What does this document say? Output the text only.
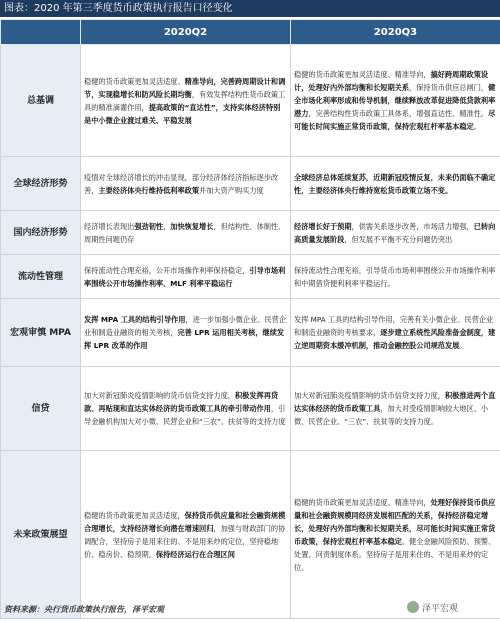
图表：2020 年第三季度货币政策执行报告口径变化
	2020Q2	2020Q3
总基调	稳健的货币政策更加灵活适度、精准导向，完善跨周期设计和调节，实现稳增长和防风险长期均衡，有效发挥结构性货币政策工具的精准滴灌作用，提高政策的“直达性”，支持实体经济特别是中小微企业渡过难关、平稳发展	稳健的货币政策更加灵活适度、精准导向，搞好跨周期政策设计，处理好内外部均衡和长短期关系，保持货币供应总闸门，健全市场化利率形成和传导机制，继续释放改革促进降低贷款利率潜力，完善结构性货币政策工具体系，增强直达性、精准性。尽可能长时间实施正常货币政策，保持宏观杠杆率基本稳定。
全球经济形势	疫情对全球经济增长的冲击显现，部分经济体经济指标逐步改善，主要经济体央行维持低利率政策并加大资产购买力度	全球经济总体延续复苏，近期新冠疫情反复，未来仍面临不确定性，主要经济体央行维持宽松货币政策立场不变。
国内经济形势	经济增长表现出强劲韧性，加快恢复增长，但结构性、体制性、周期性问题仍存	经济增长好于预期，供需关系逐步改善，市场活力增强，已转向高质量发展阶段，但发展不平衡不充分问题仍突出
流动性管理	保持流动性合理充裕，公开市场操作利率保持稳定，引导市场利率围绕公开市场操作利率、MLF 利率平稳运行	保持流动性合理充裕，引导货币市场利率围绕公开市场操作利率和中期借贷便利利率平稳运行。
宏观审慎 MPA	发挥 MPA 工具的结构引导作用，进一步加强小微企业、民营企业和制造业融资的相关考核，完善 LPR 运用相关考核，继续发挥 LPR 改革的作用	发挥 MPA 工具的结构引导作用，完善有关小微企业、民营企业和制造业融资的考核要求，逐步建立系统性风险准备金制度，建立逆周期资本缓冲机制，推动金融控股公司规范发展。
信贷	加大对新冠肺炎疫情影响的货币信贷支持力度，积极发挥再贷款、再贴现和直达实体经济的货币政策工具的牵引带动作用，引导金融机构加大对小微、民营企业和“三农”、扶贫等的支持力度	加大对新冠肺炎疫情影响的货币信贷支持力度，积极推进两个直达实体经济的货币政策工具，加大对受疫情影响较大地区、小微、民营企业、“三农”、扶贫等的支持力度。
未来政策展望	稳健的货币政策更加灵活适度，保持货币供应量和社会融资规模合理增长，支持经济增长向潜在增速回归，加强与财政部门的协调配合，坚持房子是用来住的、不是用来炒的定位，坚持稳地价、稳房价、稳预期，保持经济运行在合理区间	稳健的货币政策更加灵活适度、精准导向，处理好保持货币供应量和社会融资规模同经济发展相匹配的关系，保持经济稳定增长，处理好内外部均衡和长短期关系，尽可能长时间实施正常货币政策，保持宏观杠杆率基本稳定。健全金融风险预防、预警、处置、问责制度体系。坚持房子是用来住的、不是用来炒的定位。
资料来源：央行货币政策执行报告，泽平宏观	泽平宏观
